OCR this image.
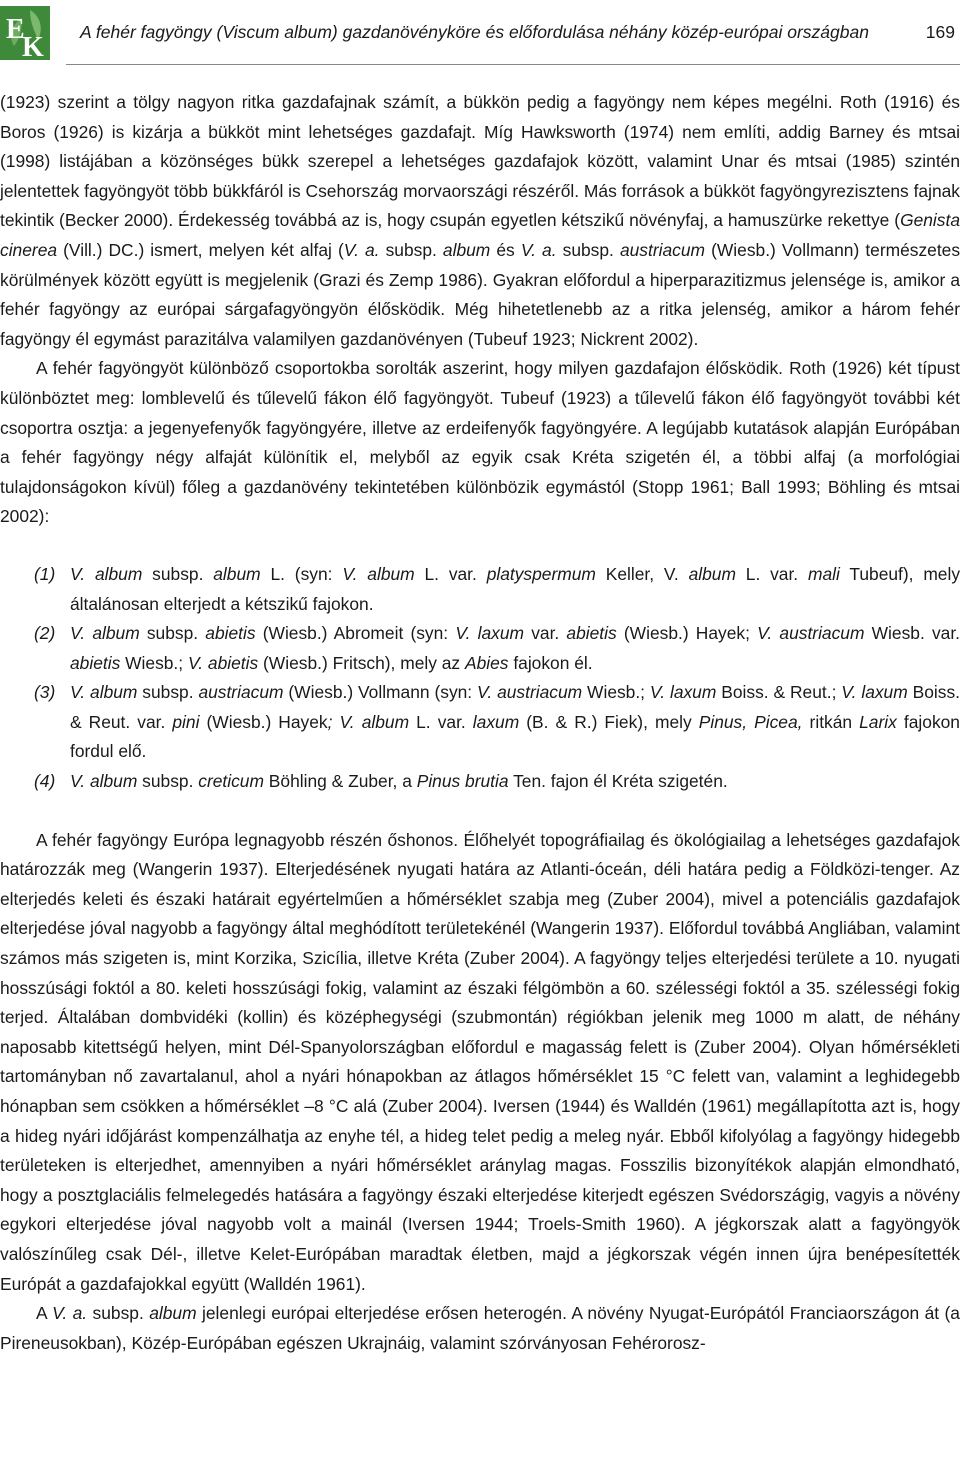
E
K A fehér fagyöngy (Viscum album) gazdanövényköre és előfordulása néhány közép-európai országban	169

(1923) szerint a tölgy nagyon ritka gazdafajnak számít, a bükkön pedig a fagyöngy nem képes megélni. Roth (1916) és Boros (1926) is kizárja a bükköt mint lehetséges gazdafajt. Míg Hawksworth (1974) nem említi, addig Barney és mtsai (1998) listájában a közönséges bükk szerepel a lehetséges gazdafajok között, valamint Unar és mtsai (1985) szintén jelentettek fagyöngyöt több bükkfáról is Csehország morvaországi részéről. Más források a bükköt fagyöngyrezisztens fajnak tekintik (Becker 2000). Érdekesség továbbá az is, hogy csupán egyetlen kétszikű növényfaj, a hamuszürke rekettye (Genista cinerea (Vill.) DC.) ismert, melyen két alfaj (V. a. subsp. album és V. a. subsp. austriacum (Wiesb.) Vollmann) természetes körülmények között együtt is megjelenik (Grazi és Zemp 1986). Gyakran előfordul a hiperparazitizmus jelensége is, amikor a fehér fagyöngy az európai sárgafagyöngyön élősködik. Még hihetetlenebb az a ritka jelenség, amikor a három fehér fagyöngy él egymást parazitálva valamilyen gazdanövényen (Tubeuf 1923; Nickrent 2002).

A fehér fagyöngyöt különböző csoportokba sorolták aszerint, hogy milyen gazdafajon élősködik. Roth (1926) két típust különböztet meg: lomblevelű és tűlevelű fákon élő fagyöngyöt. Tubeuf (1923) a tűlevelű fákon élő fagyöngyöt további két csoportra osztja: a jegenyefenyők fagyöngyére, illetve az erdeifenyők fagyöngyére. A legújabb kutatások alapján Európában a fehér fagyöngy négy alfaját különítik el, melyből az egyik csak Kréta szigetén él, a többi alfaj (a morfológiai tulajdonságokon kívül) főleg a gazdanövény tekintetében különbözik egymástól (Stopp 1961; Ball 1993; Böhling és mtsai 2002):

(1) V. album subsp. album L. (syn: V. album L. var. platyspermum Keller, V. album L. var. mali Tubeuf), mely általánosan elterjedt a kétszikű fajokon.
(2) V. album subsp. abietis (Wiesb.) Abromeit (syn: V. laxum var. abietis (Wiesb.) Hayek; V. austriacum Wiesb. var. abietis Wiesb.; V. abietis (Wiesb.) Fritsch), mely az Abies fajokon él.
(3) V. album subsp. austriacum (Wiesb.) Vollmann (syn: V. austriacum Wiesb.; V. laxum Boiss. & Reut.; V. laxum Boiss. & Reut. var. pini (Wiesb.) Hayek; V. album L. var. laxum (B. & R.) Fiek), mely Pinus, Picea, ritkán Larix fajokon fordul elő.
(4) V. album subsp. creticum Böhling & Zuber, a Pinus brutia Ten. fajon él Kréta szigetén.

A fehér fagyöngy Európa legnagyobb részén őshonos. Élőhelyét topográfiailag és ökológiailag a lehetséges gazdafajok határozzák meg (Wangerin 1937). Elterjedésének nyugati határa az Atlanti-óceán, déli határa pedig a Földközi-tenger. Az elterjedés keleti és északi határait egyértelműen a hőmérséklet szabja meg (Zuber 2004), mivel a potenciális gazdafajok elterjedése jóval nagyobb a fagyöngy által meghódított területekénél (Wangerin 1937). Előfordul továbbá Angliában, valamint számos más szigeten is, mint Korzika, Szicília, illetve Kréta (Zuber 2004). A fagyöngy teljes elterjedési területe a 10. nyugati hosszúsági foktól a 80. keleti hosszúsági fokig, valamint az északi félgömbön a 60. szélességi foktól a 35. szélességi fokig terjed. Általában dombvidéki (kollin) és középhegységi (szubmontán) régiókban jelenik meg 1000 m alatt, de néhány naposabb kitettségű helyen, mint Dél-Spanyolországban előfordul e magasság felett is (Zuber 2004). Olyan hőmérsékleti tartományban nő zavartalanul, ahol a nyári hónapokban az átlagos hőmérséklet 15 °C felett van, valamint a leghidegebb hónapban sem csökken a hőmérséklet –8 °C alá (Zuber 2004). Iversen (1944) és Walldén (1961) megállapította azt is, hogy a hideg nyári időjárást kompenzálhatja az enyhe tél, a hideg telet pedig a meleg nyár. Ebből kifolyólag a fagyöngy hidegebb területeken is elterjedhet, amennyiben a nyári hőmérséklet aránylag magas. Fosszilis bizonyítékok alapján elmondható, hogy a posztglaciális felmelegedés hatására a fagyöngy északi elterjedése kiterjedt egészen Svédországig, vagyis a növény egykori elterjedése jóval nagyobb volt a mainál (Iversen 1944; Troels-Smith 1960). A jégkorszak alatt a fagyöngyök valószínűleg csak Dél-, illetve Kelet-Európában maradtak életben, majd a jégkorszak végén innen újra benépesítették Európát a gazdafajokkal együtt (Walldén 1961).

A V. a. subsp. album jelenlegi európai elterjedése erősen heterogén. A növény Nyugat-Európától Franciaországon át (a Pireneusokban), Közép-Európában egészen Ukrajnáig, valamint szórványosan Fehérorosz-
